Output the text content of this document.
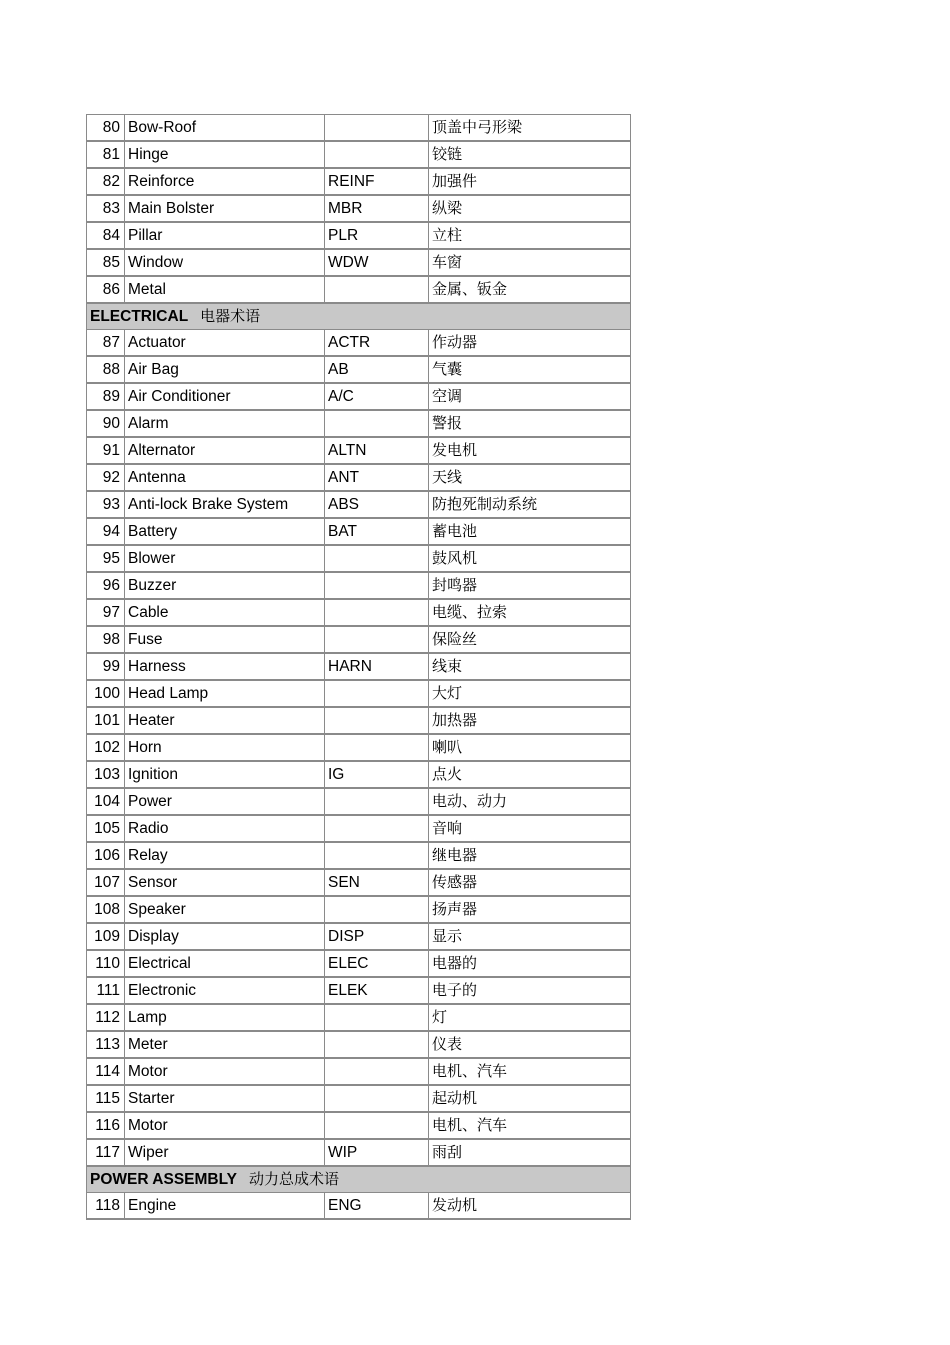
80	Bow-Roof		顶盖中弓形梁
81	Hinge		铰链
82	Reinforce	REINF	加强件
83	Main Bolster	MBR	纵梁
84	Pillar	PLR	立柱
85	Window	WDW	车窗
86	Metal		金属、钣金
ELECTRICAL 电器术语			
87	Actuator	ACTR	作动器
88	Air Bag	AB	气囊
89	Air Conditioner	A/C	空调
90	Alarm		警报
91	Alternator	ALTN	发电机
92	Antenna	ANT	天线
93	Anti-lock Brake System	ABS	防抱死制动系统
94	Battery	BAT	蓄电池
95	Blower		鼓风机
96	Buzzer		封鸣器
97	Cable		电缆、拉索
98	Fuse		保险丝
99	Harness	HARN	线束
100	Head Lamp		大灯
101	Heater		加热器
102	Horn		喇叭
103	Ignition	IG	点火
104	Power		电动、动力
105	Radio		音响
106	Relay		继电器
107	Sensor	SEN	传感器
108	Speaker		扬声器
109	Display	DISP	显示
110	Electrical	ELEC	电器的
111	Electronic	ELEK	电子的
112	Lamp		灯
113	Meter		仪表
114	Motor		电机、汽车
115	Starter		起动机
116	Motor		电机、汽车
117	Wiper	WIP	雨刮
POWER ASSEMBLY 动力总成术语			
118	Engine	ENG	发动机
